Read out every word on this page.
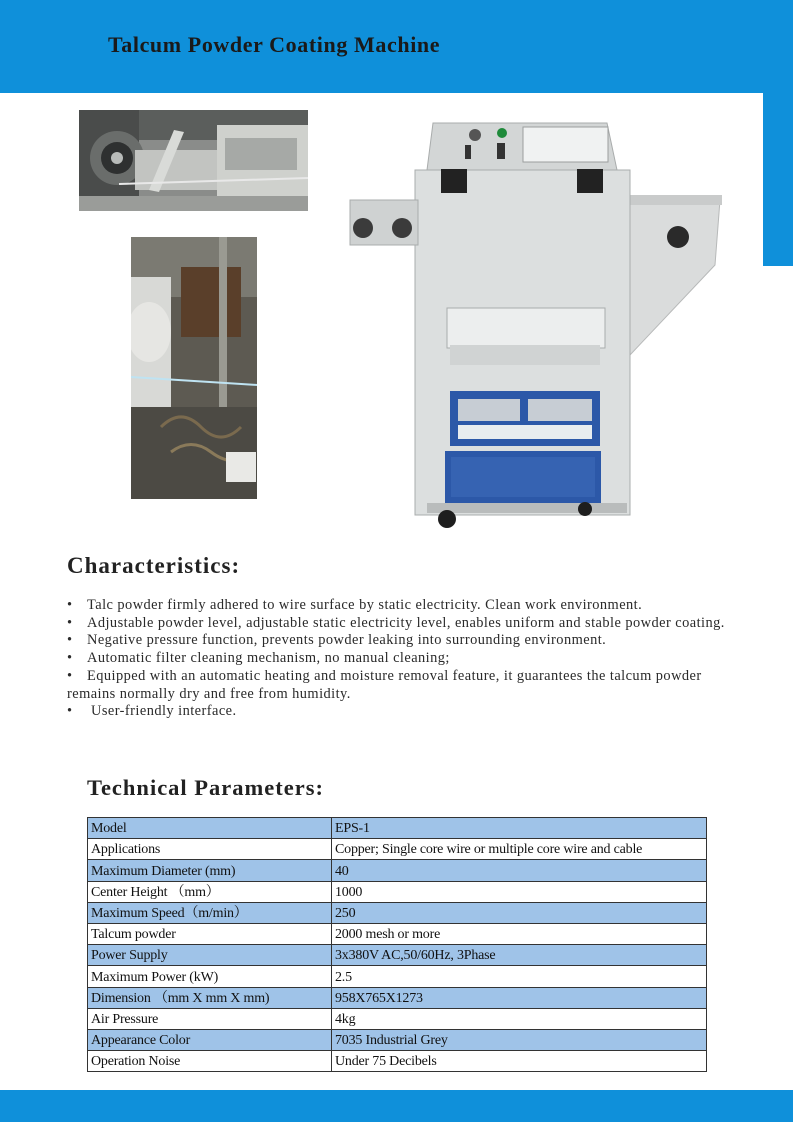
Talcum Powder Coating Machine
Characteristics:
• Talc powder firmly adhered to wire surface by static electricity. Clean work environment.
• Adjustable powder level, adjustable static electricity level, enables uniform and stable powder coating.
• Negative pressure function, prevents powder leaking into surrounding environment.
• Automatic filter cleaning mechanism, no manual cleaning;
• Equipped with an automatic heating and moisture removal feature, it guarantees the talcum powder remains normally dry and free from humidity.
• User-friendly interface.
Technical Parameters:
Model	EPS-1
Applications	Copper; Single core wire or multiple core wire and cable
Maximum Diameter (mm)	40
Center Height （mm）	1000
Maximum Speed（m/min）	250
Talcum powder	2000 mesh or more
Power Supply	3x380V AC,50/60Hz, 3Phase
Maximum Power (kW)	2.5
Dimension （mm X mm X mm)	958X765X1273
Air Pressure	4kg
Appearance Color	7035 Industrial Grey
Operation Noise	Under 75 Decibels
